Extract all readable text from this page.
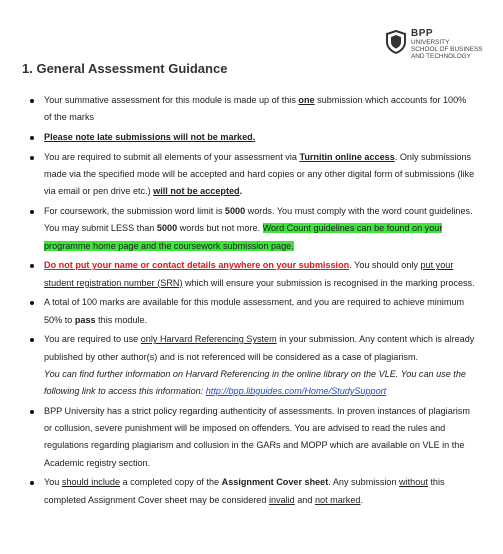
BPP
UNIVERSITY
SCHOOL OF BUSINESS
AND TECHNOLOGY
1. General Assessment Guidance
Your summative assessment for this module is made up of this one submission which accounts for 100% of the marks
Please note late submissions will not be marked.
You are required to submit all elements of your assessment via Turnitin online access. Only submissions made via the specified mode will be accepted and hard copies or any other digital form of submissions (like via email or pen drive etc.) will not be accepted.
For coursework, the submission word limit is 5000 words. You must comply with the word count guidelines. You may submit LESS than 5000 words but not more. Word Count guidelines can be found on your programme home page and the coursework submission page.
Do not put your name or contact details anywhere on your submission. You should only put your student registration number (SRN) which will ensure your submission is recognised in the marking process.
A total of 100 marks are available for this module assessment, and you are required to achieve minimum 50% to pass this module.
You are required to use only Harvard Referencing System in your submission. Any content which is already published by other author(s) and is not referenced will be considered as a case of plagiarism.
You can find further information on Harvard Referencing in the online library on the VLE. You can use the following link to access this information: http://bpp.libguides.com/Home/StudySupport
BPP University has a strict policy regarding authenticity of assessments. In proven instances of plagiarism or collusion, severe punishment will be imposed on offenders. You are advised to read the rules and regulations regarding plagiarism and collusion in the GARs and MOPP which are available on VLE in the Academic registry section.
You should include a completed copy of the Assignment Cover sheet. Any submission without this completed Assignment Cover sheet may be considered invalid and not marked.
